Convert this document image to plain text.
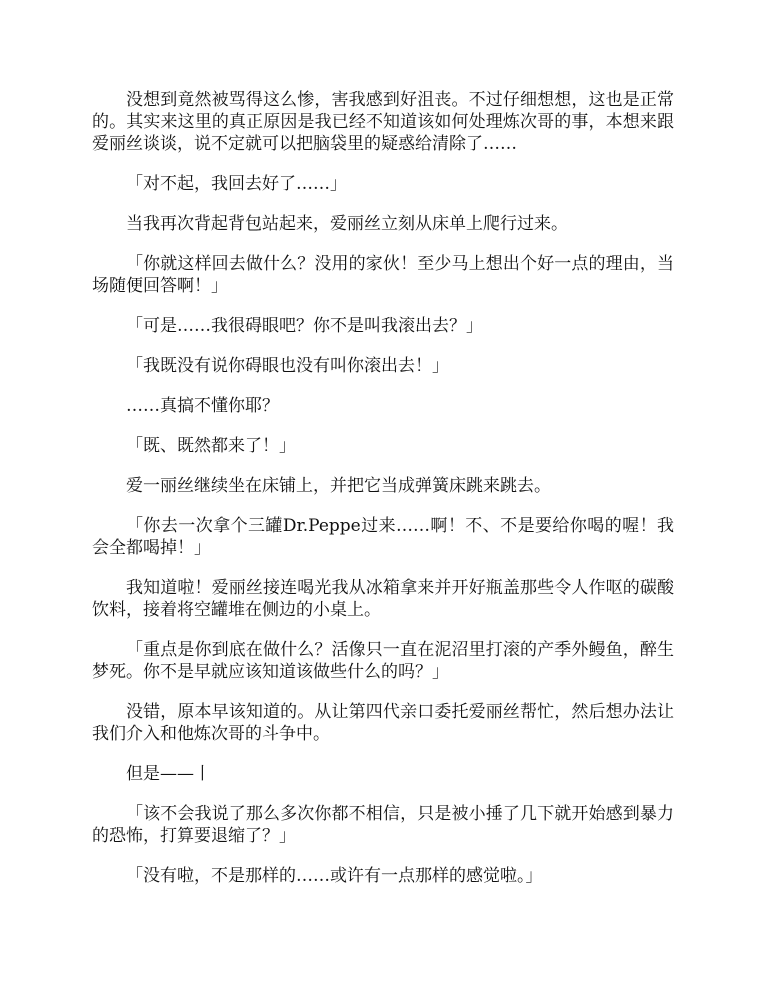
没想到竟然被骂得这么惨，害我感到好沮丧。不过仔细想想，这也是正常的。其实来这里的真正原因是我已经不知道该如何处理炼次哥的事，本想来跟爱丽丝谈谈，说不定就可以把脑袋里的疑惑给清除了……

「对不起，我回去好了……」

当我再次背起背包站起来，爱丽丝立刻从床单上爬行过来。

「你就这样回去做什么？没用的家伙！至少马上想出个好一点的理由，当场随便回答啊！」

「可是……我很碍眼吧？你不是叫我滚出去？」

「我既没有说你碍眼也没有叫你滚出去！」

……真搞不懂你耶？

「既、既然都来了！」

爱一丽丝继续坐在床铺上，并把它当成弹簧床跳来跳去。

「你去一次拿个三罐Dr.Peppe过来……啊！不、不是要给你喝的喔！我会全都喝掉！」

我知道啦！爱丽丝接连喝光我从冰箱拿来并开好瓶盖那些令人作呕的碳酸饮料，接着将空罐堆在侧边的小桌上。

「重点是你到底在做什么？活像只一直在泥沼里打滚的产季外鳗鱼，醉生梦死。你不是早就应该知道该做些什么的吗？」

没错，原本早该知道的。从让第四代亲口委托爱丽丝帮忙，然后想办法让我们介入和他炼次哥的斗争中。

但是——丨

「该不会我说了那么多次你都不相信，只是被小捶了几下就开始感到暴力的恐怖，打算要退缩了？」

「没有啦，不是那样的……或许有一点那样的感觉啦。」
